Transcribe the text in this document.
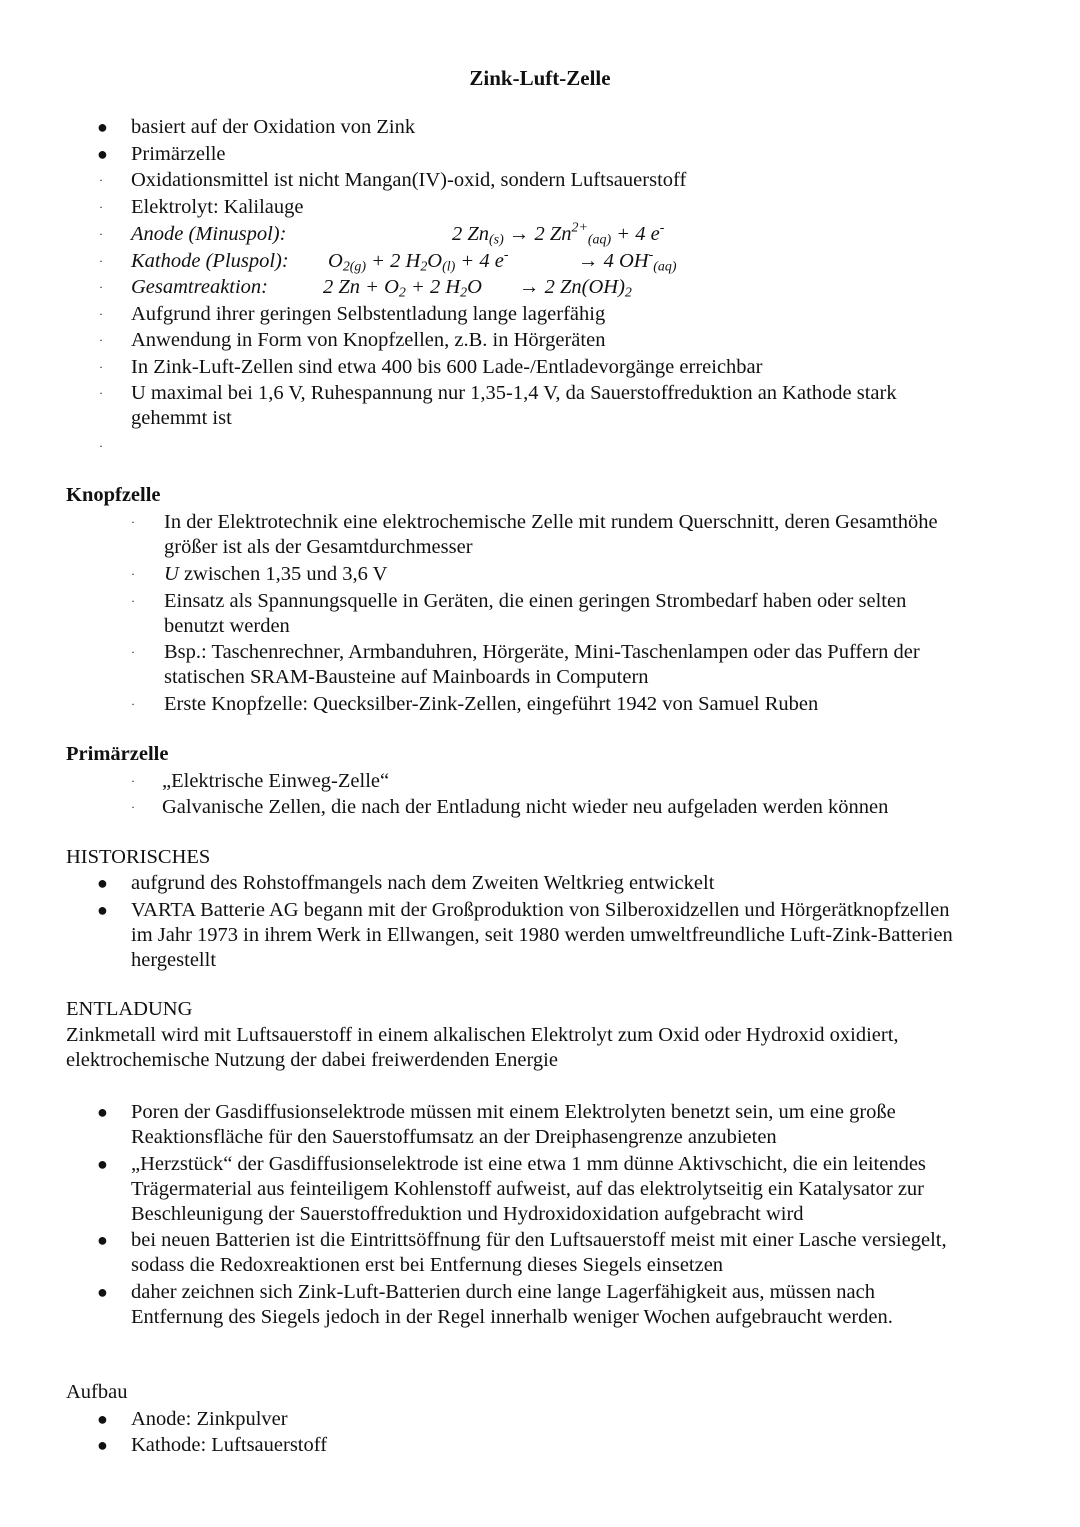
Zink-Luft-Zelle
● basiert auf der Oxidation von Zink
● Primärzelle
· Oxidationsmittel ist nicht Mangan(IV)-oxid, sondern Luftsauerstoff
· Elektrolyt: Kalilauge
· Anode (Minuspol):	2 $Zn_{(s)} \to 2$ $Zn^{2+}_{(aq)} + 4$ e-
· Kathode (Pluspol): $O_{2(g)} + 2$ $H_2O_{(l)} + 4$ e-	→ 4 $OH^-_{(aq)}$
· Gesamtreaktion:	2 $Zn + O_2 + 2$ $H_2O \to 2$ $Zn(OH)_2$
· Aufgrund ihrer geringen Selbstentladung lange lagerfähig
· Anwendung in Form von Knopfzellen, z.B. in Hörgeräten
· In Zink-Luft-Zellen sind etwa 400 bis 600 Lade-/Entladevorgänge erreichbar
· U maximal bei 1,6 V, Ruhespannung nur 1,35-1,4 V, da Sauerstoffreduktion an Kathode stark
gehemmt ist
·
Knopfzelle
· In der Elektrotechnik eine elektrochemische Zelle mit rundem Querschnitt, deren Gesamthöhe
größer ist als der Gesamtdurchmesser
· U zwischen 1,35 und 3,6 V
· Einsatz als Spannungsquelle in Geräten, die einen geringen Strombedarf haben oder selten
benutzt werden
· Bsp.: Taschenrechner, Armbanduhren, Hörgeräte, Mini-Taschenlampen oder das Puffern der
statischen SRAM-Bausteine auf Mainboards in Computern
· Erste Knopfzelle: Quecksilber-Zink-Zellen, eingeführt 1942 von Samuel Ruben
Primärzelle
· „Elektrische Einweg-Zelle“
· Galvanische Zellen, die nach der Entladung nicht wieder neu aufgeladen werden können
HISTORISCHES
● aufgrund des Rohstoffmangels nach dem Zweiten Weltkrieg entwickelt
● VARTA Batterie AG begann mit der Großproduktion von Silberoxidzellen und Hörgerätknopfzellen
im Jahr 1973 in ihrem Werk in Ellwangen, seit 1980 werden umweltfreundliche Luft-Zink-Batterien
hergestellt
ENTLADUNG
Zinkmetall wird mit Luftsauerstoff in einem alkalischen Elektrolyt zum Oxid oder Hydroxid oxidiert,
elektrochemische Nutzung der dabei freiwerdenden Energie
● Poren der Gasdiffusionselektrode müssen mit einem Elektrolyten benetzt sein, um eine große
Reaktionsfläche für den Sauerstoffumsatz an der Dreiphasengrenze anzubieten
● „Herzstück“ der Gasdiffusionselektrode ist eine etwa 1 mm dünne Aktivschicht, die ein leitendes
Trägermaterial aus feinteiligem Kohlenstoff aufweist, auf das elektrolytseitig ein Katalysator zur
Beschleunigung der Sauerstoffreduktion und Hydroxidoxidation aufgebracht wird
● bei neuen Batterien ist die Eintrittsöffnung für den Luftsauerstoff meist mit einer Lasche versiegelt,
sodass die Redoxreaktionen erst bei Entfernung dieses Siegels einsetzen
● daher zeichnen sich Zink-Luft-Batterien durch eine lange Lagerfähigkeit aus, müssen nach
Entfernung des Siegels jedoch in der Regel innerhalb weniger Wochen aufgebraucht werden.
Aufbau
● Anode: Zinkpulver
● Kathode: Luftsauerstoff
